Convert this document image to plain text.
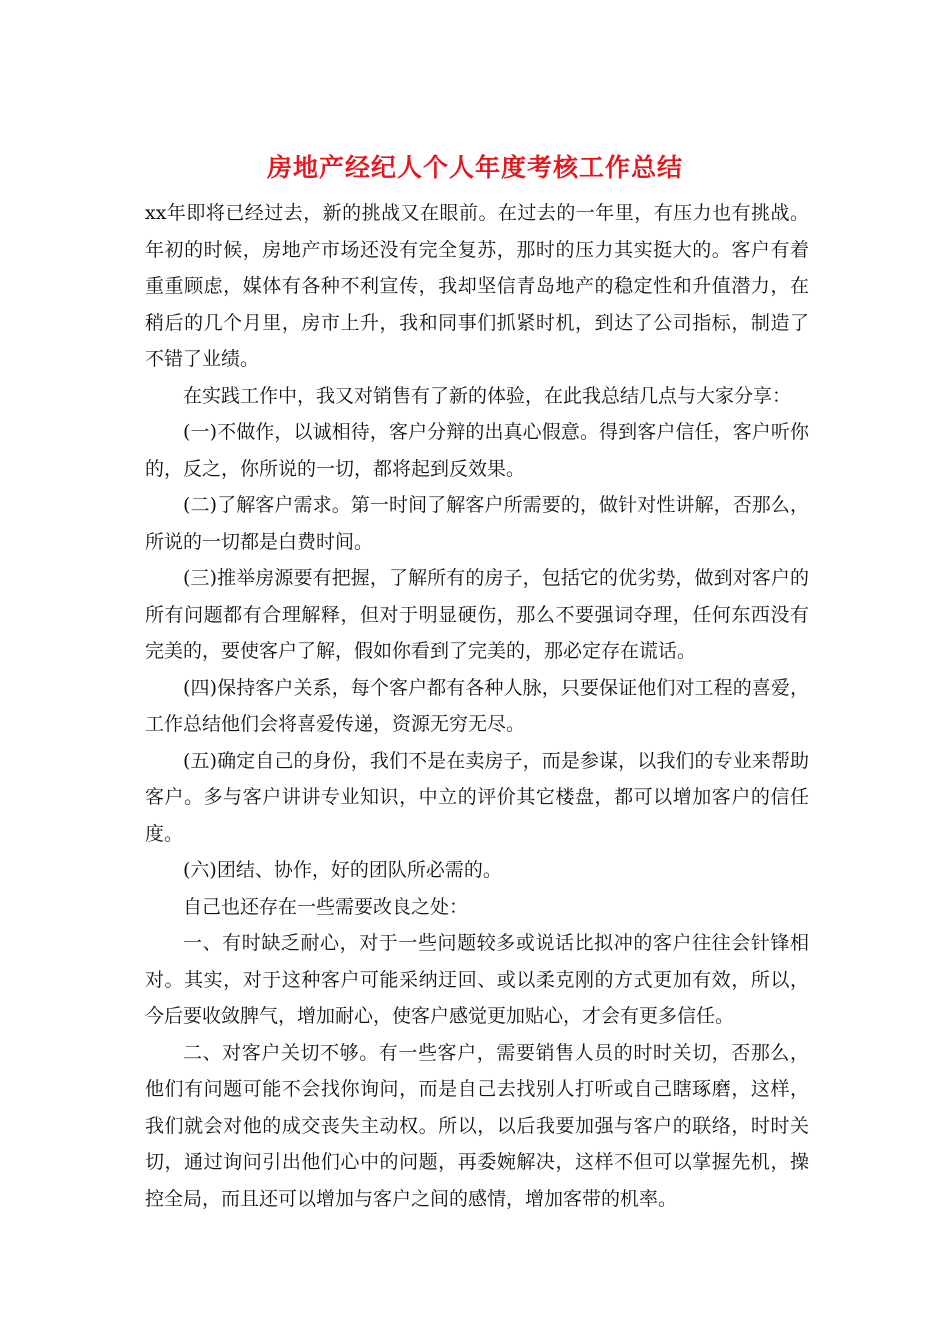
房地产经纪人个人年度考核工作总结

xx年即将已经过去，新的挑战又在眼前。在过去的一年里，有压力也有挑战。年初的时候，房地产市场还没有完全复苏，那时的压力其实挺大的。客户有着重重顾虑，媒体有各种不利宣传，我却坚信青岛地产的稳定性和升值潜力，在稍后的几个月里，房市上升，我和同事们抓紧时机，到达了公司指标，制造了不错了业绩。

在实践工作中，我又对销售有了新的体验，在此我总结几点与大家分享：

(一)不做作，以诚相待，客户分辩的出真心假意。得到客户信任，客户听你的，反之，你所说的一切，都将起到反效果。

(二)了解客户需求。第一时间了解客户所需要的，做针对性讲解，否那么，所说的一切都是白费时间。

(三)推举房源要有把握，了解所有的房子，包括它的优劣势，做到对客户的所有问题都有合理解释，但对于明显硬伤，那么不要强词夺理，任何东西没有完美的，要使客户了解，假如你看到了完美的，那必定存在谎话。

(四)保持客户关系，每个客户都有各种人脉，只要保证他们对工程的喜爱，工作总结他们会将喜爱传递，资源无穷无尽。

(五)确定自己的身份，我们不是在卖房子，而是参谋，以我们的专业来帮助客户。多与客户讲讲专业知识，中立的评价其它楼盘，都可以增加客户的信任度。

(六)团结、协作，好的团队所必需的。

自己也还存在一些需要改良之处：

一、有时缺乏耐心，对于一些问题较多或说话比拟冲的客户往往会针锋相对。其实，对于这种客户可能采纳迂回、或以柔克刚的方式更加有效，所以，今后要收敛脾气，增加耐心，使客户感觉更加贴心，才会有更多信任。

二、对客户关切不够。有一些客户，需要销售人员的时时关切，否那么，他们有问题可能不会找你询问，而是自己去找别人打听或自己瞎琢磨，这样，我们就会对他的成交丧失主动权。所以，以后我要加强与客户的联络，时时关切，通过询问引出他们心中的问题，再委婉解决，这样不但可以掌握先机，操控全局，而且还可以增加与客户之间的感情，增加客带的机率。
